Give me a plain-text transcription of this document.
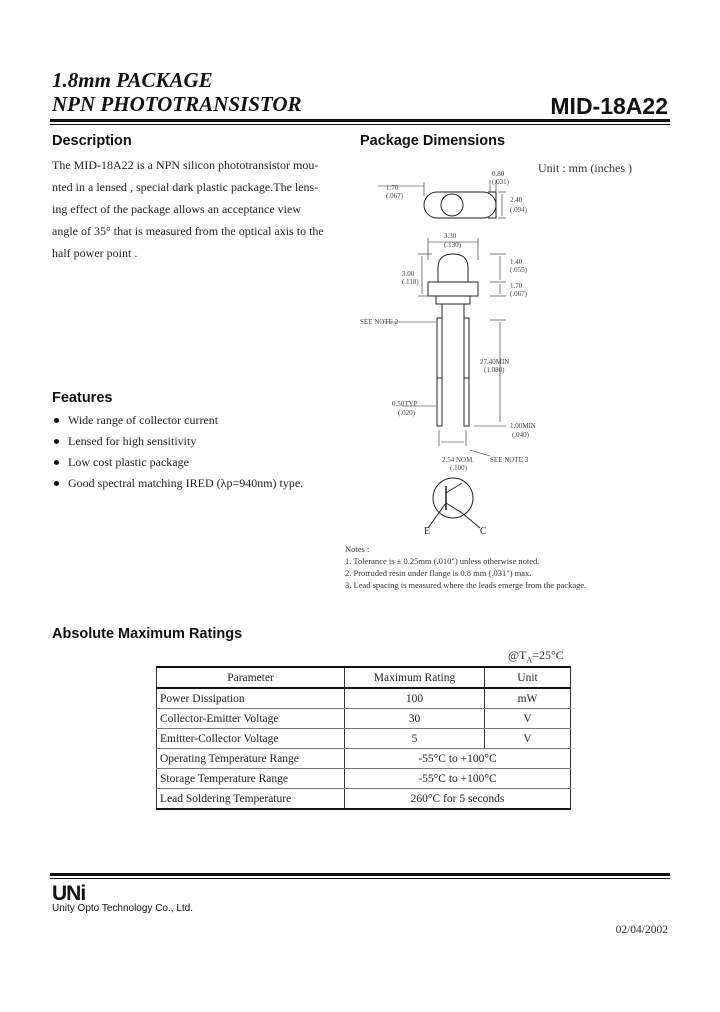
1.8mm PACKAGE
NPN PHOTOTRANSISTOR	MID-18A22
Description
The MID-18A22 is a NPN silicon phototransistor mou-
nted in a lensed , special dark plastic package.The lens-
ing effect of the package allows an acceptance view
angle of 35° that is measured from the optical axis to the
half power point .
Package Dimensions
Unit : mm (inches )
0.80
(.031)
2.40
(.094)
1.70
(.067)
3.30
(.130)
1.40
(.055)
3.00
(.118)	1.70
(.067)
SEE NOTE 2
27.40MIN
(1.080)
0.50TYP
(.020)
1.00MIN
(.040)
2.54 NOM.
(.100)
SEE NOTE 3
E	C
Notes :
1. Tolerance is ± 0.25mm (.010") unless otherwise noted.
2. Protruded resin under flange is 0.8 mm (.031") max.
3. Lead spacing is measured where the leads emerge from the package.
Features
Wide range of collector current
Lensed for high sensitivity
Low cost plastic package
Good spectral matching IRED (λp=940nm) type.
Absolute Maximum Ratings
$@T_A=25^\circ C$
Parameter	Maximum Rating	Unit
Power Dissipation	100	mW
Collector-Emitter Voltage	30	V
Emitter-Collector Voltage	5	V
Operating Temperature Range	-55°C to +100°C	
Storage Temperature Range	-55°C to +100°C	
Lead Soldering Temperature	260°C for 5 seconds	
UNi
Unity Opto Technology Co., Ltd.
02/04/2002
